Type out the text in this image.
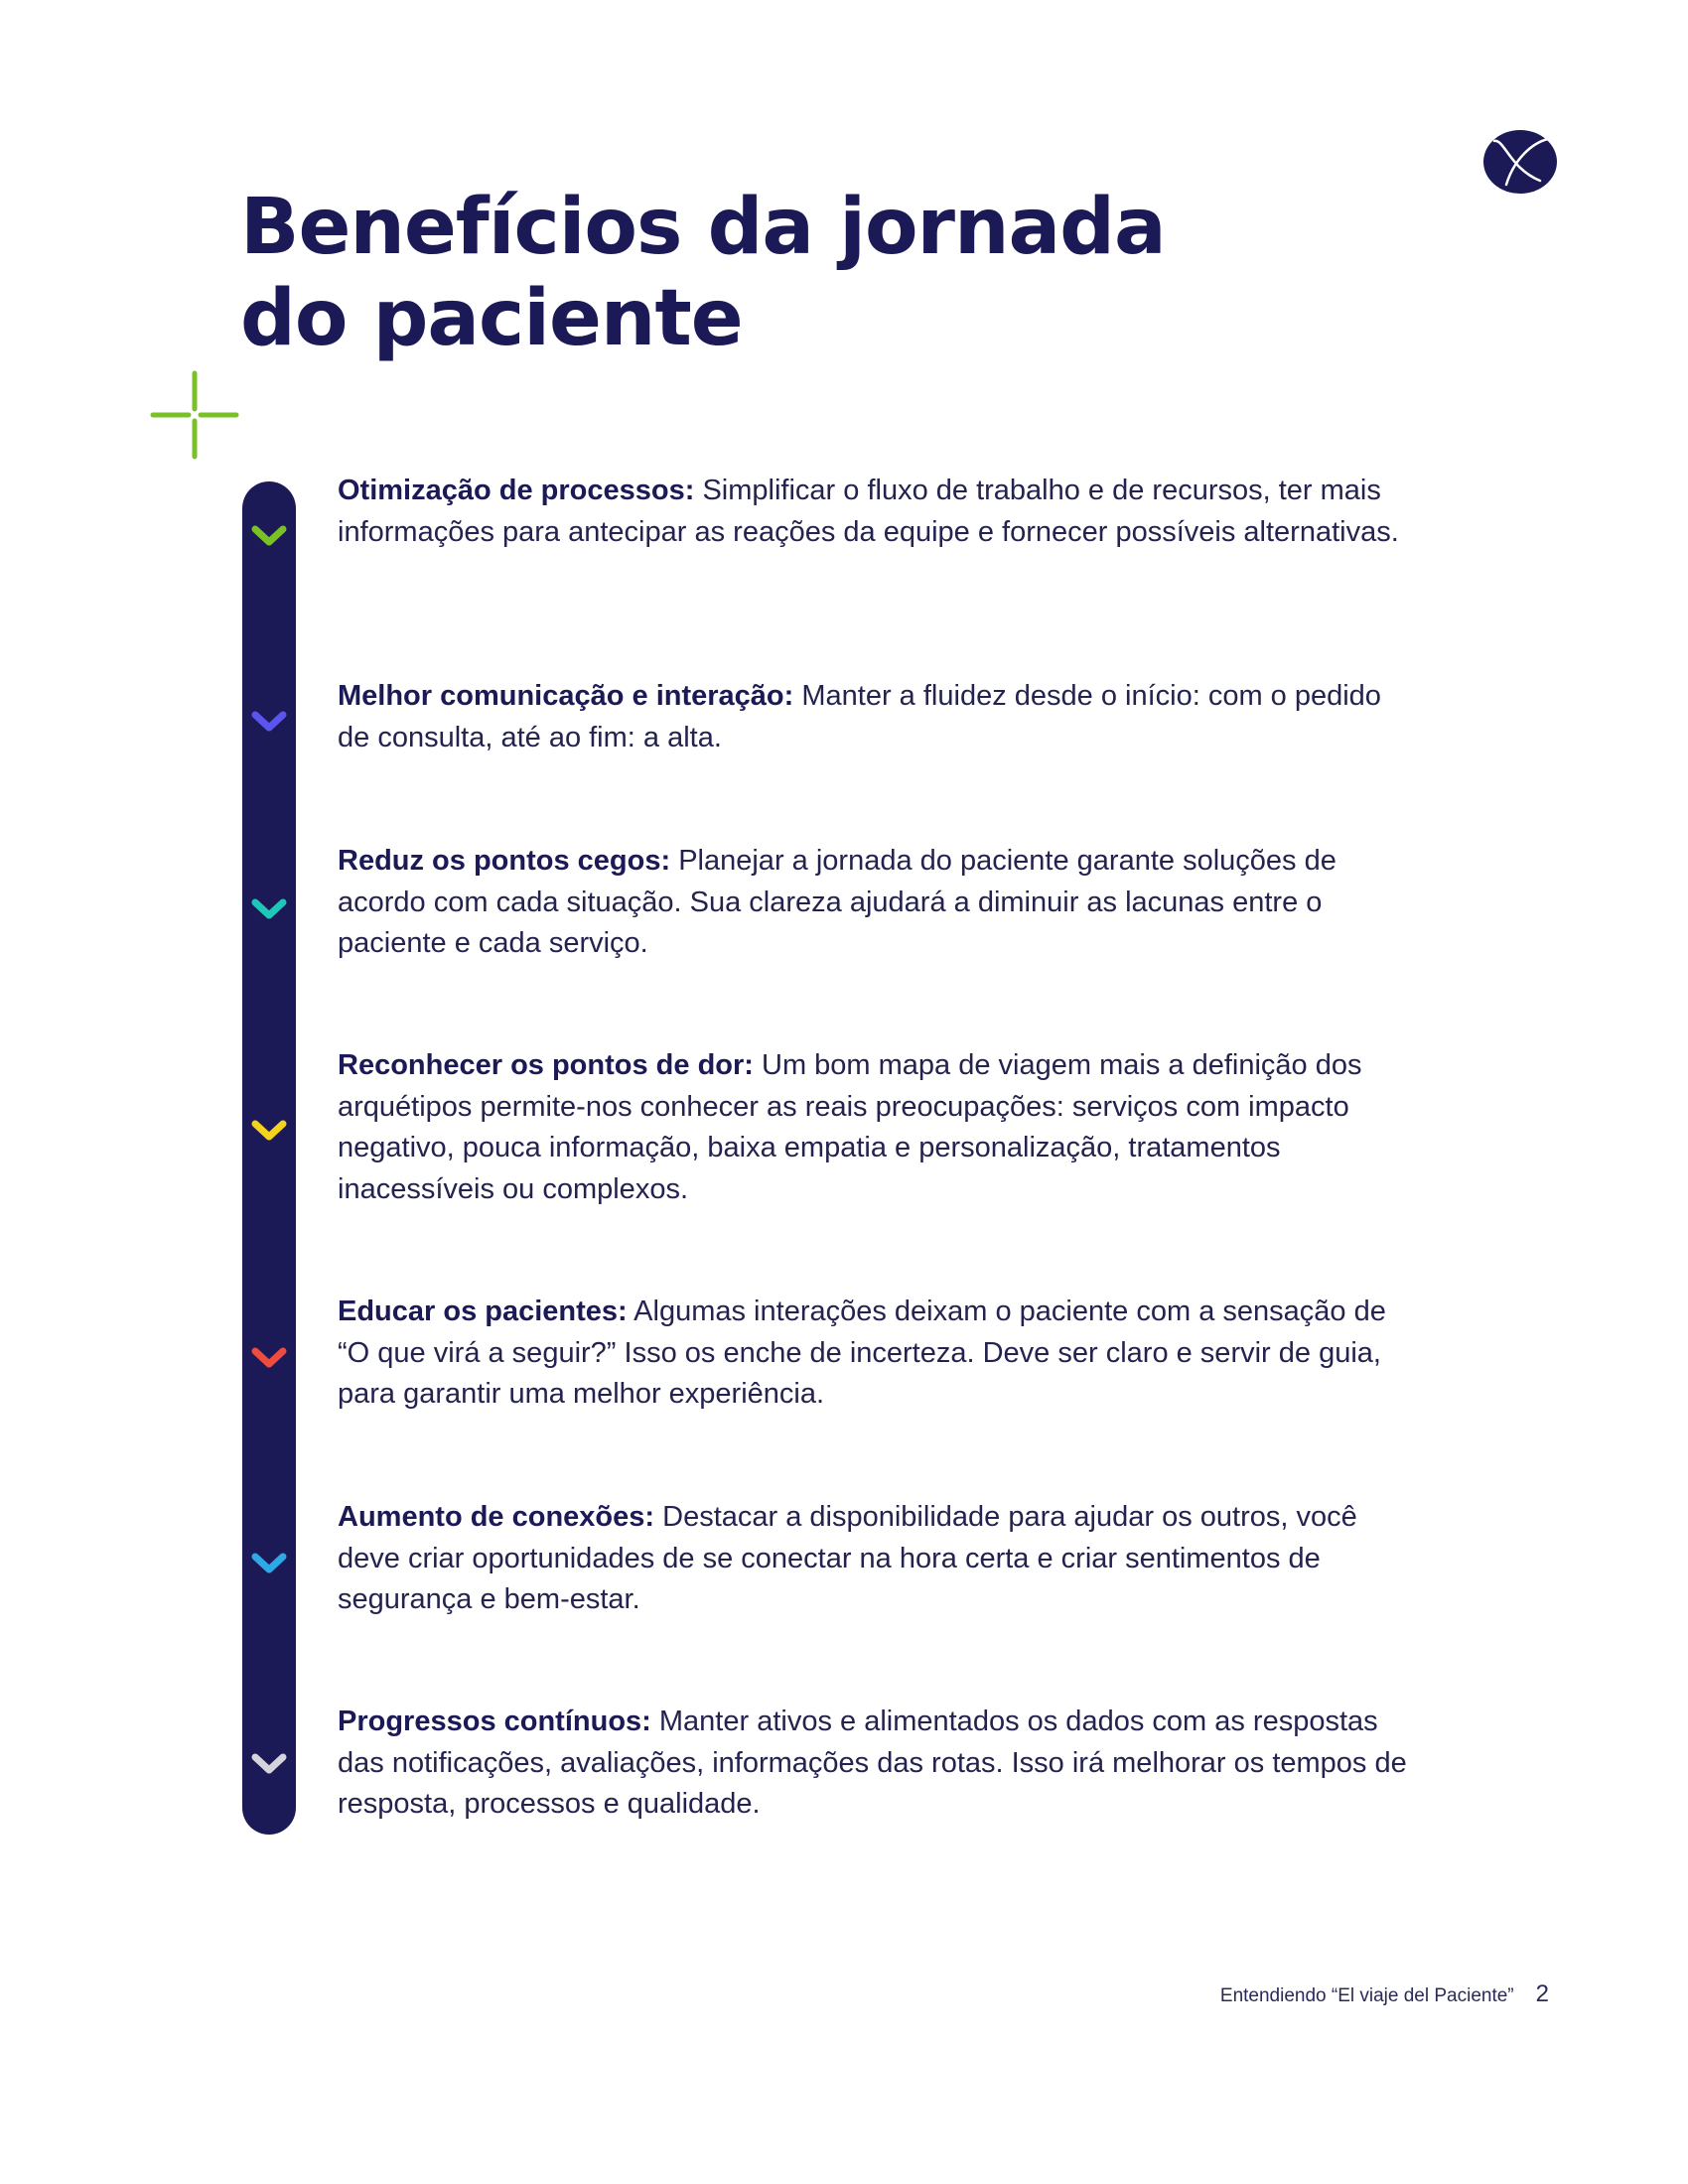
Benefícios da jornada
do paciente

Otimização de processos: Simplificar o fluxo de trabalho e de recursos, ter mais informações para antecipar as reações da equipe e fornecer possíveis alternativas.

Melhor comunicação e interação: Manter a fluidez desde o início: com o pedido de consulta, até ao fim: a alta.

Reduz os pontos cegos: Planejar a jornada do paciente garante soluções de acordo com cada situação. Sua clareza ajudará a diminuir as lacunas entre o paciente e cada serviço.

Reconhecer os pontos de dor: Um bom mapa de viagem mais a definição dos arquétipos permite-nos conhecer as reais preocupações: serviços com impacto negativo, pouca informação, baixa empatia e personalização, tratamentos inacessíveis ou complexos.

Educar os pacientes: Algumas interações deixam o paciente com a sensação de “O que virá a seguir?” Isso os enche de incerteza. Deve ser claro e servir de guia, para garantir uma melhor experiência.

Aumento de conexões: Destacar a disponibilidade para ajudar os outros, você deve criar oportunidades de se conectar na hora certa e criar sentimentos de segurança e bem-estar.

Progressos contínuos: Manter ativos e alimentados os dados com as respostas das notificações, avaliações, informações das rotas. Isso irá melhorar os tempos de resposta, processos e qualidade.

Entendiendo “El viaje del Paciente” 2
